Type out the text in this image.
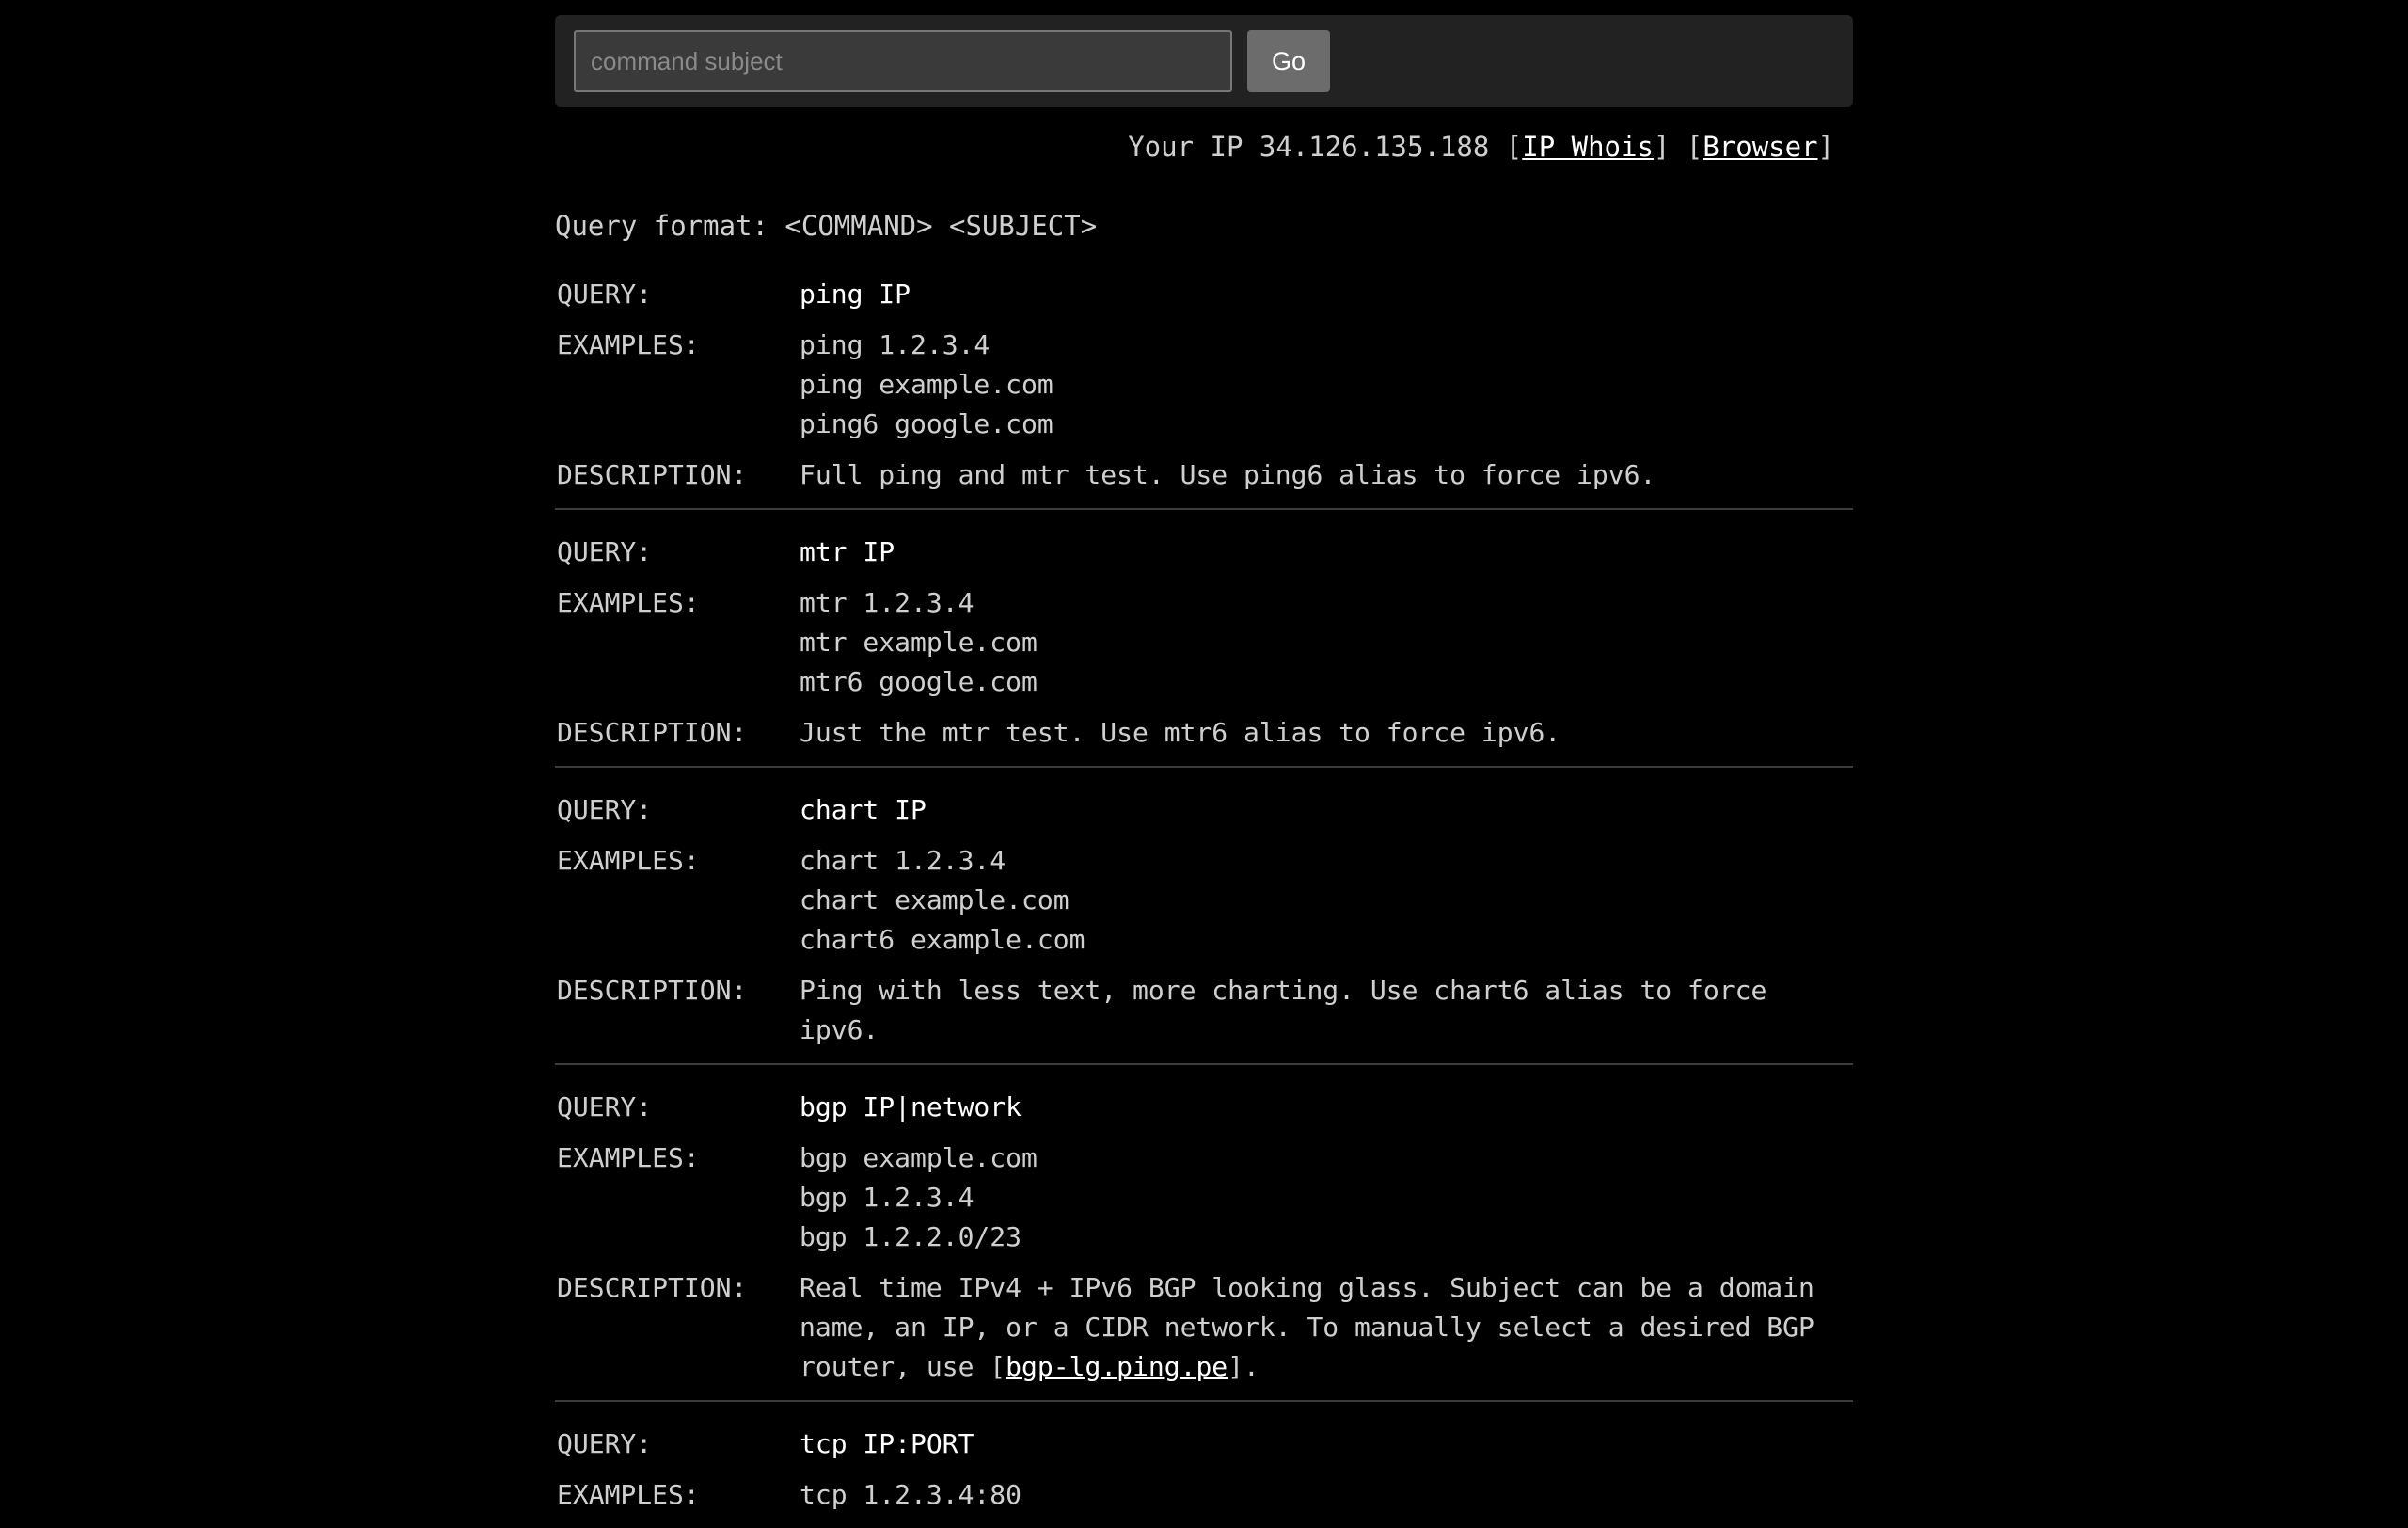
command subject
Go
Your IP 34.126.135.188 [IP Whois] [Browser]
Query format: <COMMAND> <SUBJECT>
QUERY:	ping IP
EXAMPLES:	ping 1.2.3.4
ping example.com
ping6 google.com
DESCRIPTION:	Full ping and mtr test. Use ping6 alias to force ipv6.
QUERY:	mtr IP
EXAMPLES:	mtr 1.2.3.4
mtr example.com
mtr6 google.com
DESCRIPTION:	Just the mtr test. Use mtr6 alias to force ipv6.
QUERY:	chart IP
EXAMPLES:	chart 1.2.3.4
chart example.com
chart6 example.com
DESCRIPTION:	Ping with less text, more charting. Use chart6 alias to force ipv6.
QUERY:	bgp IP|network
EXAMPLES:	bgp example.com
bgp 1.2.3.4
bgp 1.2.2.0/23
DESCRIPTION:	Real time IPv4 + IPv6 BGP looking glass. Subject can be a domain name, an IP, or a CIDR network. To manually select a desired BGP router, use [bgp-lg.ping.pe].
QUERY:	tcp IP:PORT
EXAMPLES:	tcp 1.2.3.4:80
